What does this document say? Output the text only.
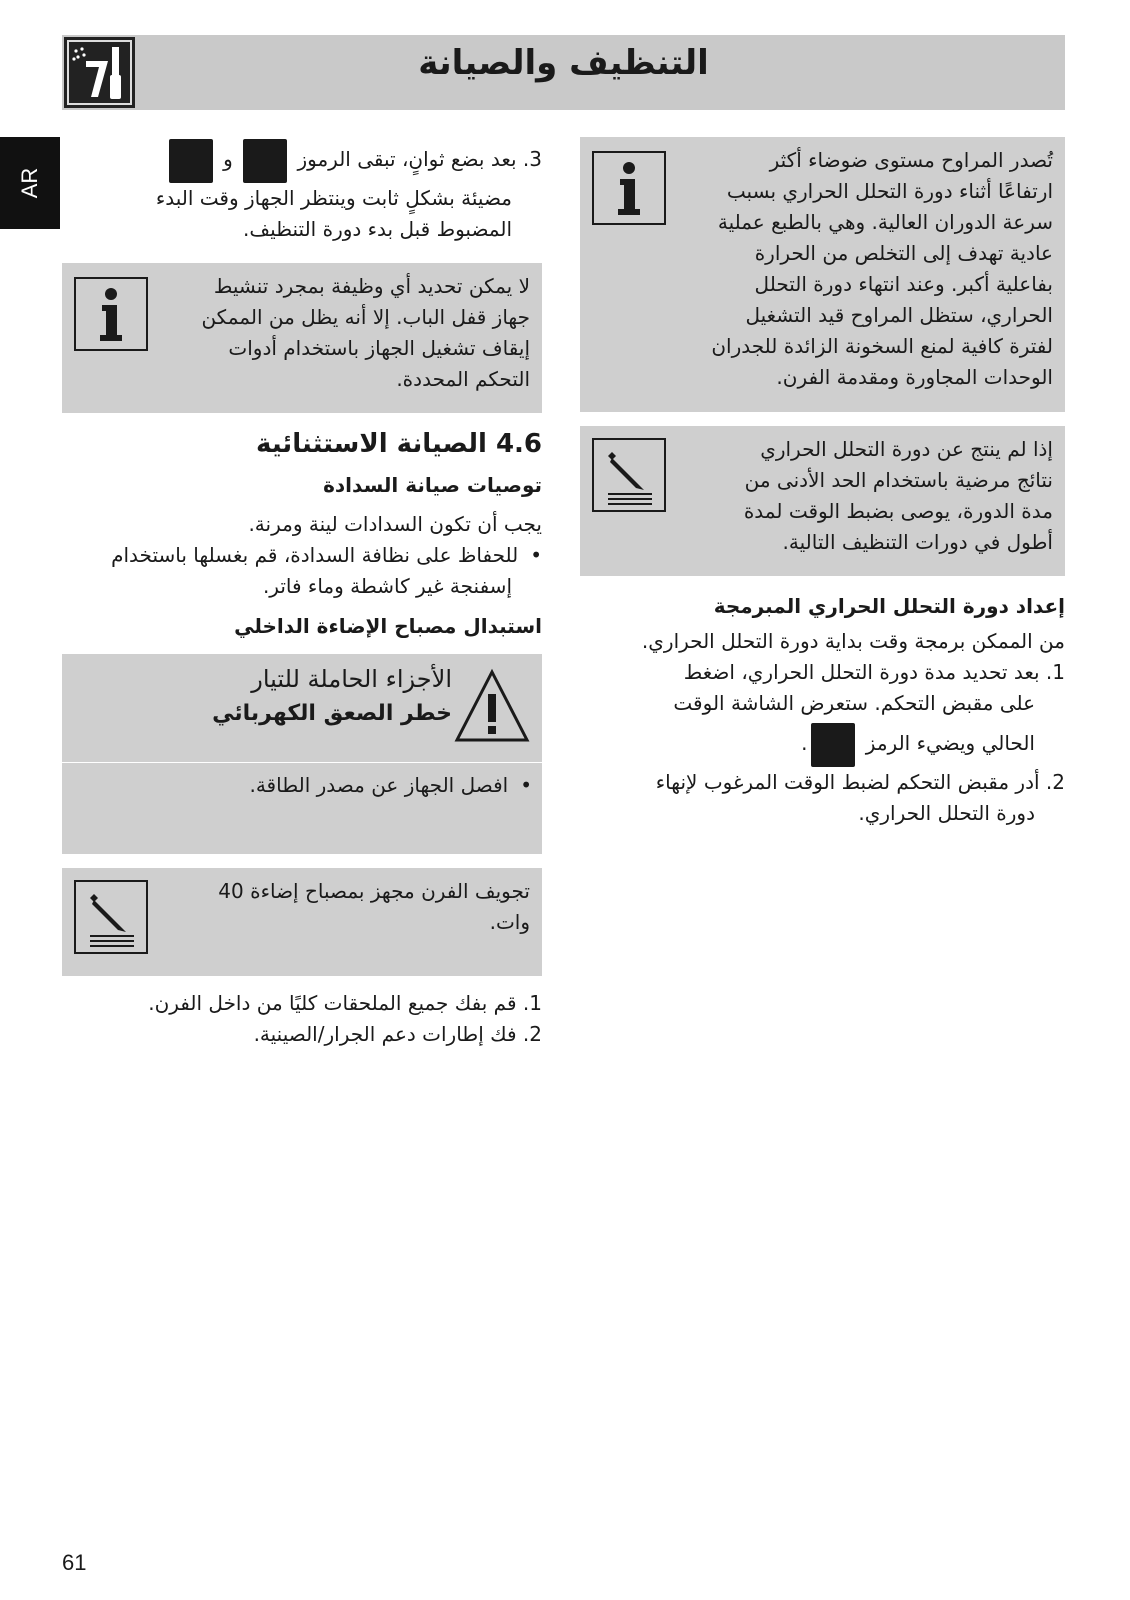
التنظيف والصيانة
AR

تُصدر المراوح مستوى ضوضاء أكثر

ارتفاعًا أثناء دورة التحلل الحراري بسبب

سرعة الدوران العالية. وهي بالطبع عملية

عادية تهدف إلى التخلص من الحرارة

بفاعلية أكبر. وعند انتهاء دورة التحلل

الحراري، ستظل المراوح قيد التشغيل

لفترة كافية لمنع السخونة الزائدة للجدران

الوحدات المجاورة ومقدمة الفرن.

إذا لم ينتج عن دورة التحلل الحراري

نتائج مرضية باستخدام الحد الأدنى من

مدة الدورة، يوصى بضبط الوقت لمدة

أطول في دورات التنظيف التالية.

إعداد دورة التحلل الحراري المبرمجة

من الممكن برمجة وقت بداية دورة التحلل الحراري.

1. بعد تحديد مدة دورة التحلل الحراري، اضغط

على مقبض التحكم. ستعرض الشاشة الوقت

الحالي ويضيء الرمز .

2. أدر مقبض التحكم لضبط الوقت المرغوب لإنهاء

دورة التحلل الحراري.

3. بعد بضع ثوانٍ، تبقى الرموز  و

مضيئة بشكلٍ ثابت وينتظر الجهاز وقت البدء

المضبوط قبل بدء دورة التنظيف.

لا يمكن تحديد أي وظيفة بمجرد تنشيط

جهاز قفل الباب. إلا أنه يظل من الممكن

إيقاف تشغيل الجهاز باستخدام أدوات

التحكم المحددة.

4.6 الصيانة الاستثنائية

توصيات صيانة السدادة

يجب أن تكون السدادات لينة ومرنة.

• للحفاظ على نظافة السدادة، قم بغسلها باستخدام

إسفنجة غير كاشطة وماء فاتر.

استبدال مصباح الإضاءة الداخلي

الأجزاء الحاملة للتيار

خطر الصعق الكهربائي

• افصل الجهاز عن مصدر الطاقة.

تجويف الفرن مجهز بمصباح إضاءة 40

وات.

1. قم بفك جميع الملحقات كليًا من داخل الفرن.

2. فك إطارات دعم الجرار/الصينية.

61
